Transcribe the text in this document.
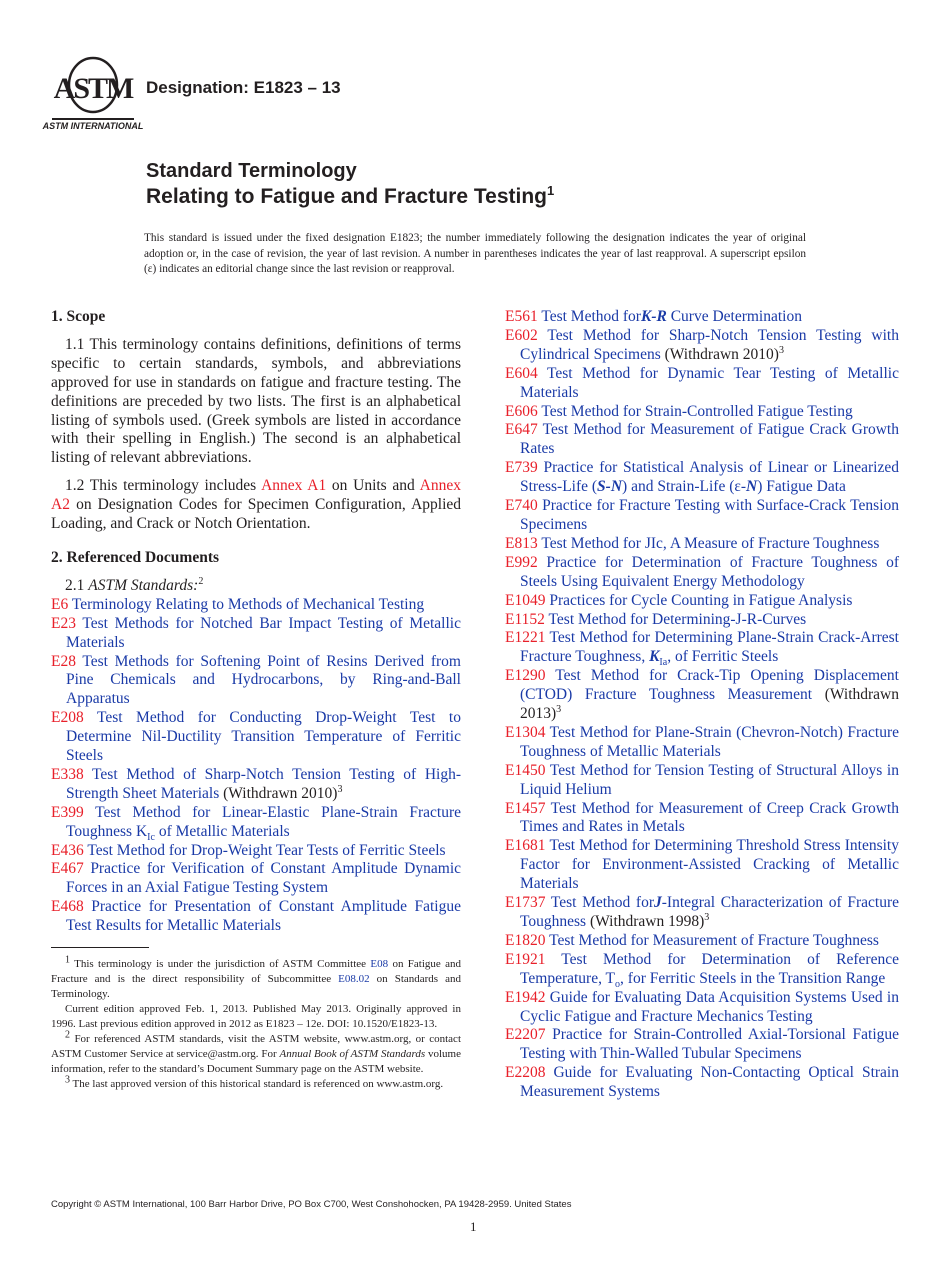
ASTM
ASTM INTERNATIONAL
Designation: E1823 – 13
Standard Terminology
Relating to Fatigue and Fracture Testing$^1$
This standard is issued under the fixed designation E1823; the number immediately following the designation indicates the year of original adoption or, in the case of revision, the year of last revision. A number in parentheses indicates the year of last reapproval. A superscript epsilon (ε) indicates an editorial change since the last revision or reapproval.

1. Scope

1.1 This terminology contains definitions, definitions of terms specific to certain standards, symbols, and abbreviations approved for use in standards on fatigue and fracture testing. The definitions are preceded by two lists. The first is an alphabetical listing of symbols used. (Greek symbols are listed in accordance with their spelling in English.) The second is an alphabetical listing of relevant abbreviations.

1.2 This terminology includes Annex A1 on Units and Annex A2 on Designation Codes for Specimen Configuration, Applied Loading, and Crack or Notch Orientation.

2. Referenced Documents

2.1 ASTM Standards:$^2$

E6 Terminology Relating to Methods of Mechanical Testing

E23 Test Methods for Notched Bar Impact Testing of Metallic Materials

E28 Test Methods for Softening Point of Resins Derived from Pine Chemicals and Hydrocarbons, by Ring-and-Ball Apparatus

E208 Test Method for Conducting Drop-Weight Test to Determine Nil-Ductility Transition Temperature of Ferritic Steels

E338 Test Method of Sharp-Notch Tension Testing of High-Strength Sheet Materials (Withdrawn 2010)$^3$

E399 Test Method for Linear-Elastic Plane-Strain Fracture Toughness $K_{Ic}$ of Metallic Materials

E436 Test Method for Drop-Weight Tear Tests of Ferritic Steels

E467 Practice for Verification of Constant Amplitude Dynamic Forces in an Axial Fatigue Testing System

E468 Practice for Presentation of Constant Amplitude Fatigue Test Results for Metallic Materials

E561 Test Method forK-R Curve Determination

E602 Test Method for Sharp-Notch Tension Testing with Cylindrical Specimens (Withdrawn 2010)$^3$

E604 Test Method for Dynamic Tear Testing of Metallic Materials

E606 Test Method for Strain-Controlled Fatigue Testing

E647 Test Method for Measurement of Fatigue Crack Growth Rates

E739 Practice for Statistical Analysis of Linear or Linearized Stress-Life (S-N) and Strain-Life (ε-N) Fatigue Data

E740 Practice for Fracture Testing with Surface-Crack Tension Specimens

E813 Test Method for JIc, A Measure of Fracture Toughness

E992 Practice for Determination of Fracture Toughness of Steels Using Equivalent Energy Methodology

E1049 Practices for Cycle Counting in Fatigue Analysis

E1152 Test Method for Determining-J-R-Curves

E1221 Test Method for Determining Plane-Strain Crack-Arrest Fracture Toughness, $K_{Ia}$, of Ferritic Steels

E1290 Test Method for Crack-Tip Opening Displacement (CTOD) Fracture Toughness Measurement (Withdrawn 2013)$^3$

E1304 Test Method for Plane-Strain (Chevron-Notch) Fracture Toughness of Metallic Materials

E1450 Test Method for Tension Testing of Structural Alloys in Liquid Helium

E1457 Test Method for Measurement of Creep Crack Growth Times and Rates in Metals

E1681 Test Method for Determining Threshold Stress Intensity Factor for Environment-Assisted Cracking of Metallic Materials

E1737 Test Method forJ-Integral Characterization of Fracture Toughness (Withdrawn 1998)$^3$

E1820 Test Method for Measurement of Fracture Toughness

E1921 Test Method for Determination of Reference Temperature, $T_o$, for Ferritic Steels in the Transition Range

E1942 Guide for Evaluating Data Acquisition Systems Used in Cyclic Fatigue and Fracture Mechanics Testing

E2207 Practice for Strain-Controlled Axial-Torsional Fatigue Testing with Thin-Walled Tubular Specimens

E2208 Guide for Evaluating Non-Contacting Optical Strain Measurement Systems

$^1$ This terminology is under the jurisdiction of ASTM Committee E08 on Fatigue and Fracture and is the direct responsibility of Subcommittee E08.02 on Standards and Terminology.

Current edition approved Feb. 1, 2013. Published May 2013. Originally approved in 1996. Last previous edition approved in 2012 as E1823 – 12e. DOI: 10.1520/E1823-13.

$^2$ For referenced ASTM standards, visit the ASTM website, www.astm.org, or contact ASTM Customer Service at service@astm.org. For Annual Book of ASTM Standards volume information, refer to the standard’s Document Summary page on the ASTM website.

$^3$ The last approved version of this historical standard is referenced on www.astm.org.

Copyright © ASTM International, 100 Barr Harbor Drive, PO Box C700, West Conshohocken, PA 19428-2959. United States
1
